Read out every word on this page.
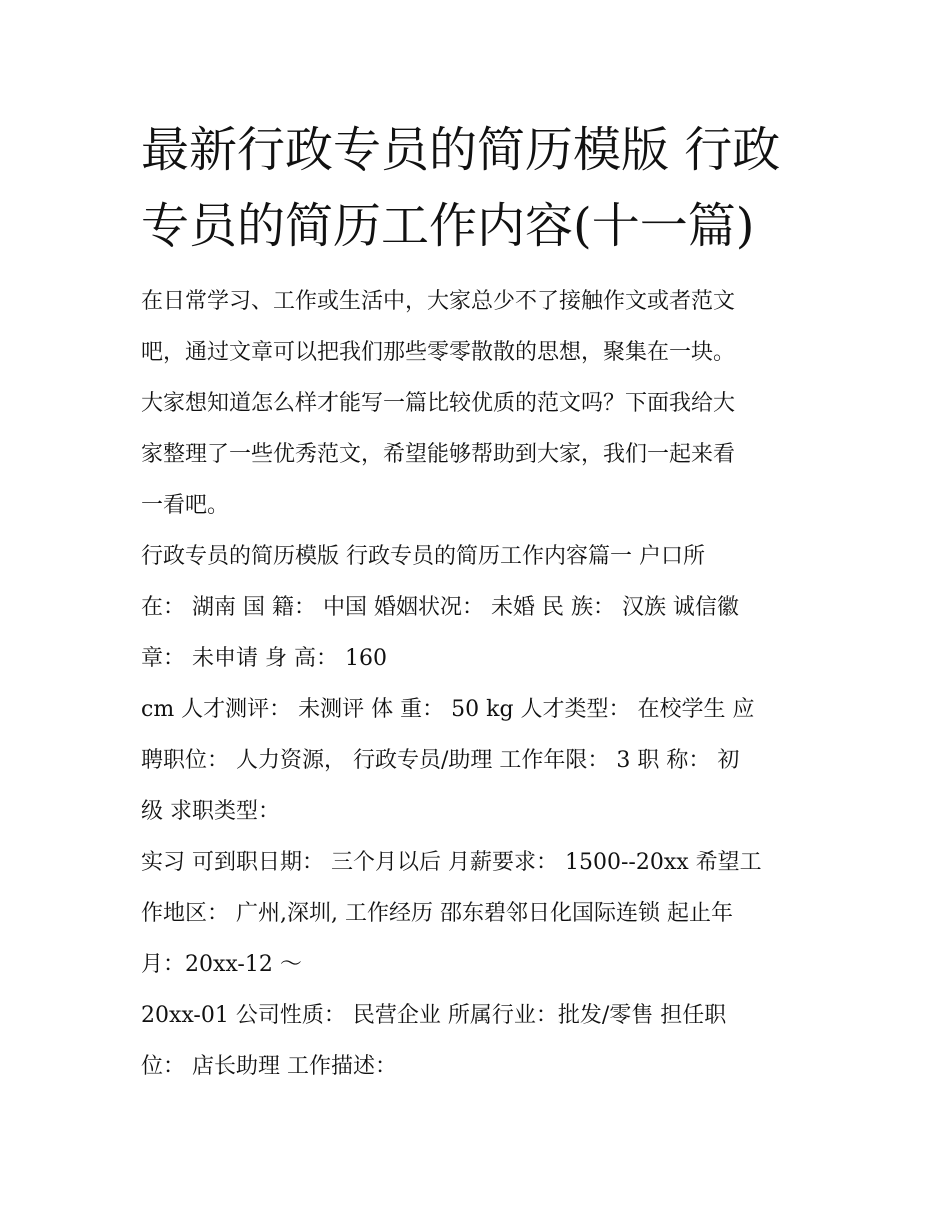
最新行政专员的简历模版 行政
专员的简历工作内容(十一篇)

在日常学习、工作或生活中，大家总少不了接触作文或者范文
吧，通过文章可以把我们那些零零散散的思想，聚集在一块。
大家想知道怎么样才能写一篇比较优质的范文吗？下面我给大
家整理了一些优秀范文，希望能够帮助到大家，我们一起来看
一看吧。

行政专员的简历模版 行政专员的简历工作内容篇一 户口所
在： 湖南 国 籍： 中国 婚姻状况： 未婚 民 族： 汉族 诚信徽
章： 未申请 身 高： 160

cm 人才测评： 未测评 体 重： 50 kg 人才类型： 在校学生 应
聘职位： 人力资源， 行政专员/助理 工作年限： 3 职 称： 初
级 求职类型：

实习 可到职日期： 三个月以后 月薪要求： 1500--20xx 希望工
作地区： 广州,深圳, 工作经历 邵东碧邻日化国际连锁 起止年
月：20xx-12 ～

20xx-01 公司性质： 民营企业 所属行业：批发/零售 担任职
位： 店长助理 工作描述：
